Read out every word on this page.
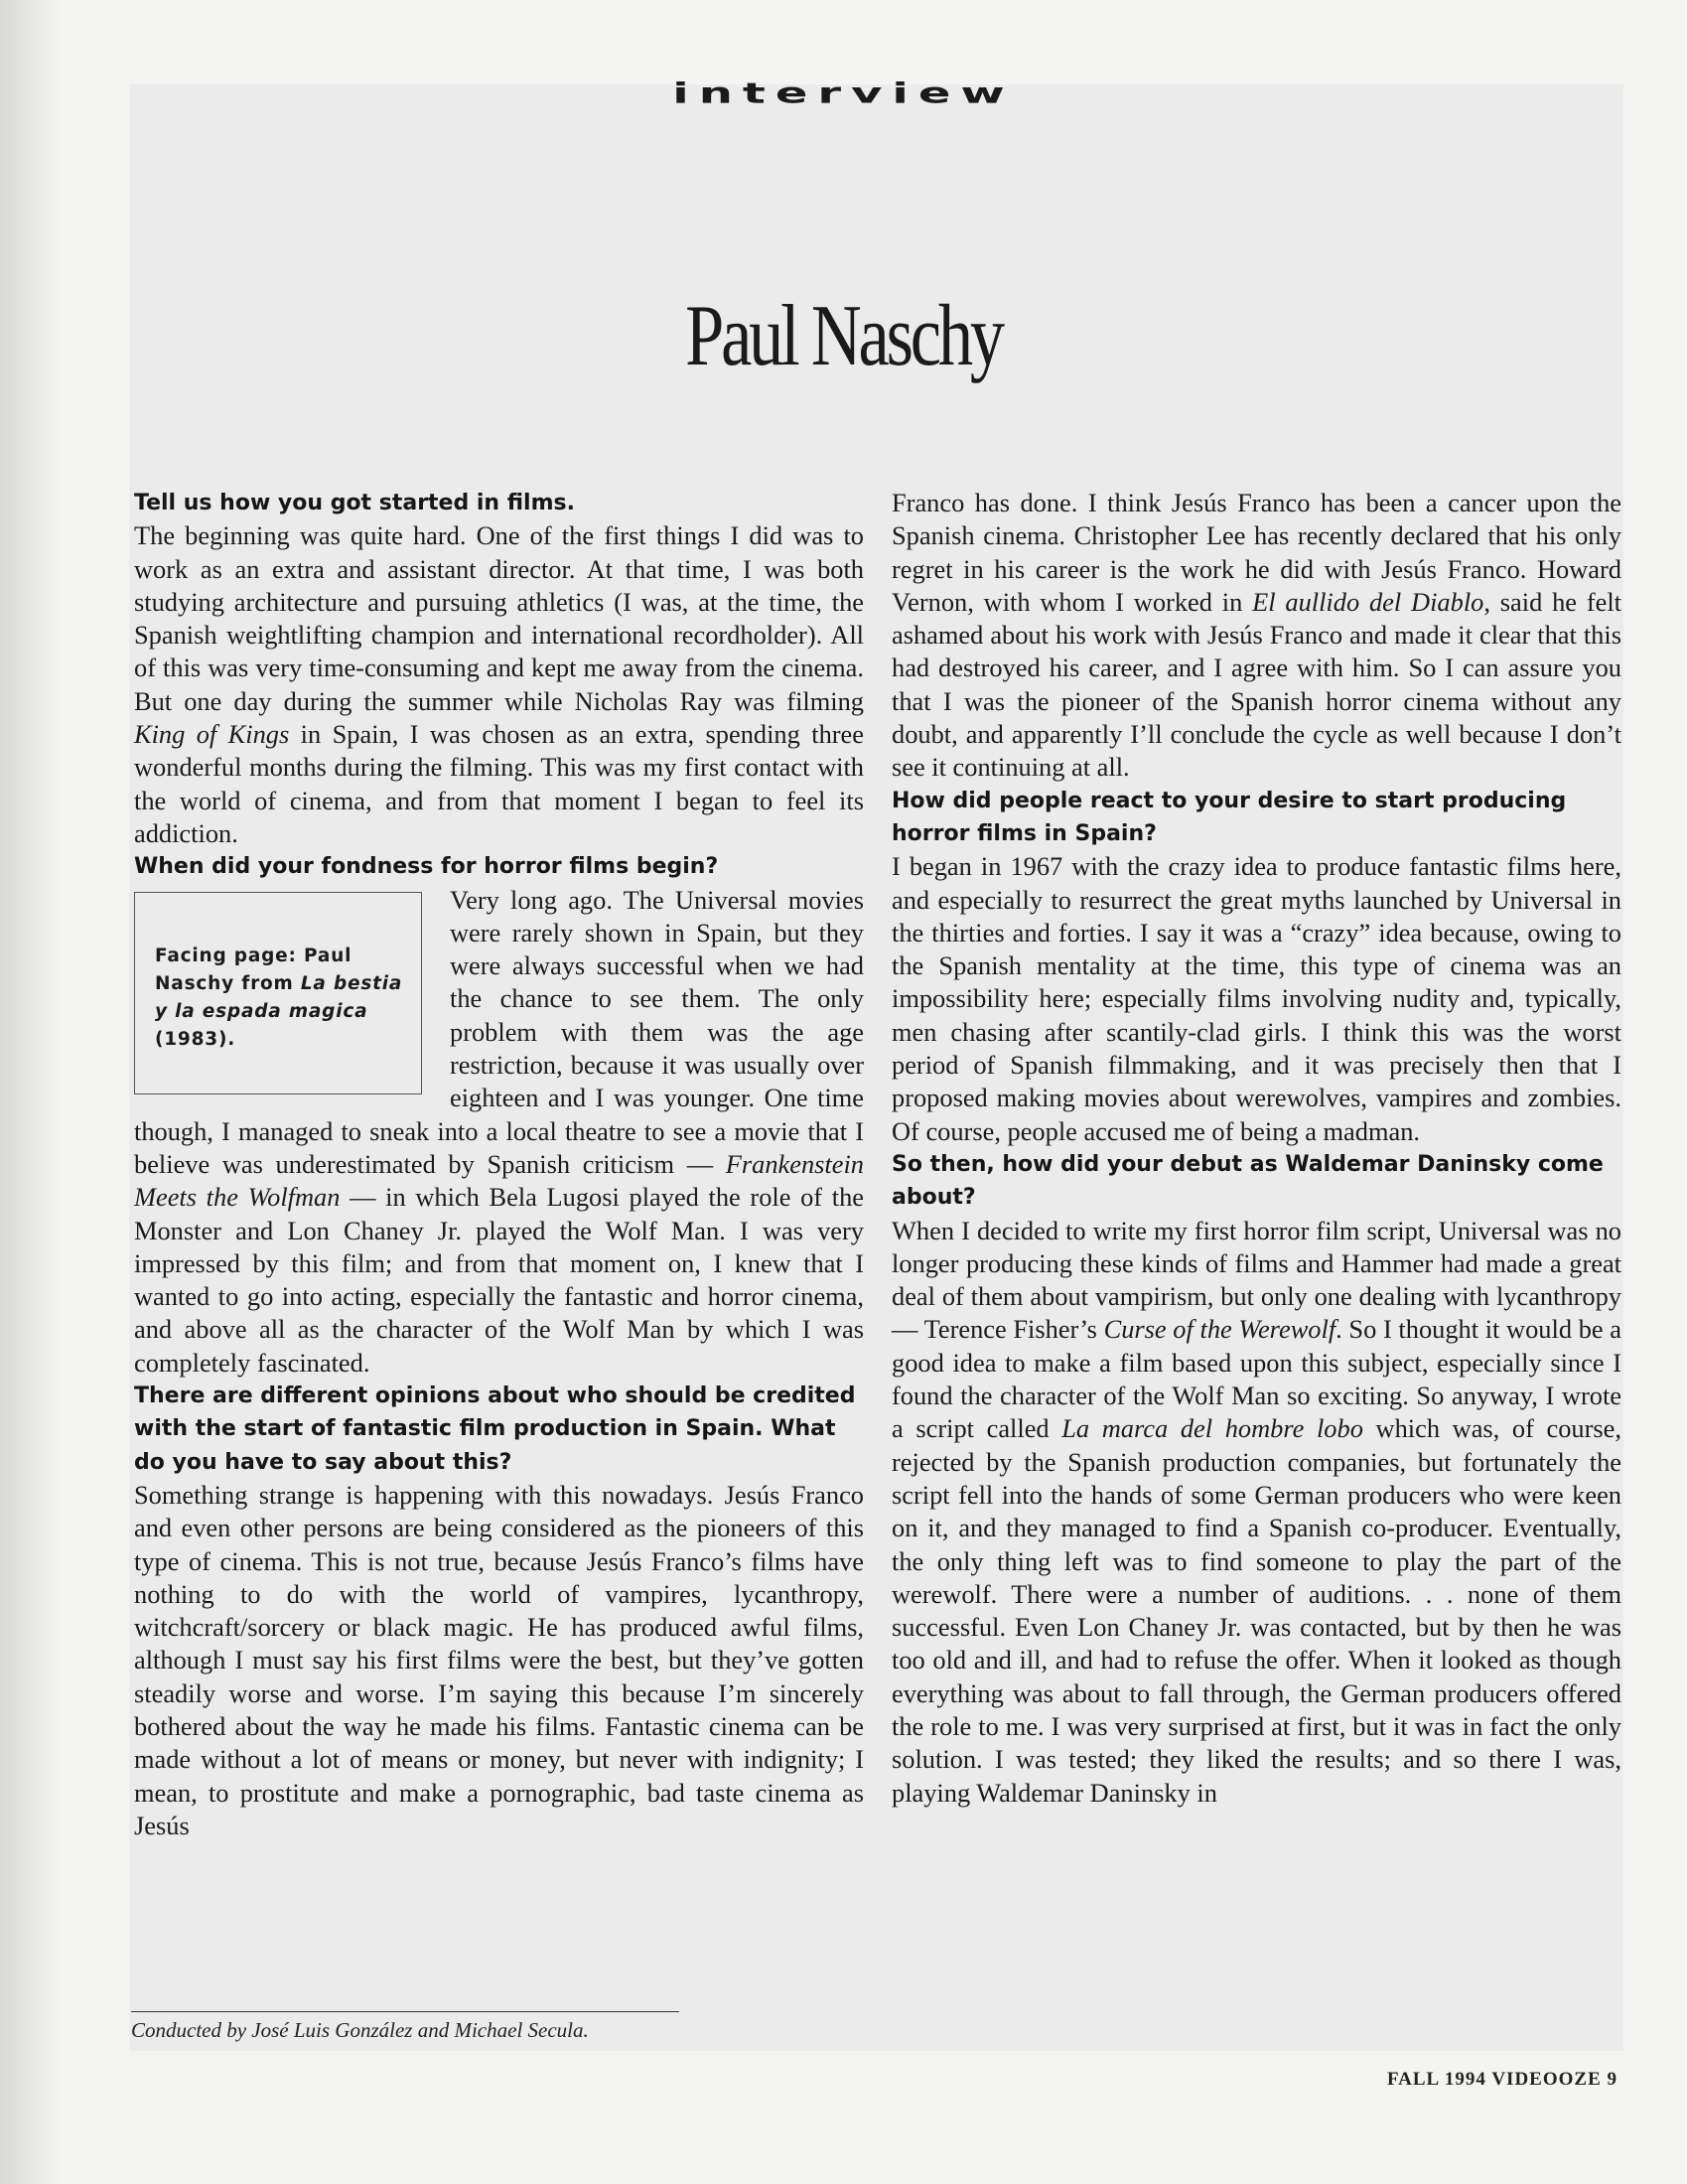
interview
Paul Naschy

Tell us how you got started in films.

The beginning was quite hard. One of the first things I did was to work as an extra and assistant director. At that time, I was both studying architecture and pursuing athletics (I was, at the time, the Spanish weightlifting champion and international recordholder). All of this was very time-consuming and kept me away from the cinema. But one day during the summer while Nicholas Ray was filming King of Kings in Spain, I was chosen as an extra, spending three wonderful months during the filming. This was my first contact with the world of cinema, and from that moment I began to feel its addiction.

When did your fondness for horror films begin?

Facing page: Paul
Naschy from La bestia y la espada magica (1983).
Very long ago. The Universal movies were rarely shown in Spain, but they were always successful when we had the chance to see them. The only problem with them was the age restriction, because it was usually over eighteen and I was younger. One time though, I managed to sneak into a local theatre to see a movie that I believe was underestimated by Spanish criticism — Frankenstein Meets the Wolfman — in which Bela Lugosi played the role of the Monster and Lon Chaney Jr. played the Wolf Man. I was very impressed by this film; and from that moment on, I knew that I wanted to go into acting, especially the fantastic and horror cinema, and above all as the character of the Wolf Man by which I was completely fascinated.

There are different opinions about who should be credited with the start of fantastic film production in Spain. What do you have to say about this?

Something strange is happening with this nowadays. Jesús Franco and even other persons are being considered as the pioneers of this type of cinema. This is not true, because Jesús Franco’s films have nothing to do with the world of vampires, lycanthropy, witchcraft/sorcery or black magic. He has produced awful films, although I must say his first films were the best, but they’ve gotten steadily worse and worse. I’m saying this because I’m sincerely bothered about the way he made his films. Fantastic cinema can be made without a lot of means or money, but never with indignity; I mean, to prostitute and make a pornographic, bad taste cinema as Jesús

Franco has done. I think Jesús Franco has been a cancer upon the Spanish cinema. Christopher Lee has recently declared that his only regret in his career is the work he did with Jesús Franco. Howard Vernon, with whom I worked in El aullido del Diablo, said he felt ashamed about his work with Jesús Franco and made it clear that this had destroyed his career, and I agree with him. So I can assure you that I was the pioneer of the Spanish horror cinema without any doubt, and apparently I’ll conclude the cycle as well because I don’t see it continuing at all.

How did people react to your desire to start producing horror films in Spain?

I began in 1967 with the crazy idea to produce fantastic films here, and especially to resurrect the great myths launched by Universal in the thirties and forties. I say it was a “crazy” idea because, owing to the Spanish mentality at the time, this type of cinema was an impossibility here; especially films involving nudity and, typically, men chasing after scantily-clad girls. I think this was the worst period of Spanish filmmaking, and it was precisely then that I proposed making movies about werewolves, vampires and zombies. Of course, people accused me of being a madman.

So then, how did your debut as Waldemar Daninsky come about?

When I decided to write my first horror film script, Universal was no longer producing these kinds of films and Hammer had made a great deal of them about vampirism, but only one dealing with lycanthropy — Terence Fisher’s Curse of the Werewolf. So I thought it would be a good idea to make a film based upon this subject, especially since I found the character of the Wolf Man so exciting. So anyway, I wrote a script called La marca del hombre lobo which was, of course, rejected by the Spanish production companies, but fortunately the script fell into the hands of some German producers who were keen on it, and they managed to find a Spanish co-producer. Eventually, the only thing left was to find someone to play the part of the werewolf. There were a number of auditions. . . none of them successful. Even Lon Chaney Jr. was contacted, but by then he was too old and ill, and had to refuse the offer. When it looked as though everything was about to fall through, the German producers offered the role to me. I was very surprised at first, but it was in fact the only solution. I was tested; they liked the results; and so there I was, playing Waldemar Daninsky in

Conducted by José Luis González and Michael Secula.
FALL 1994 VIDEOOZE 9
